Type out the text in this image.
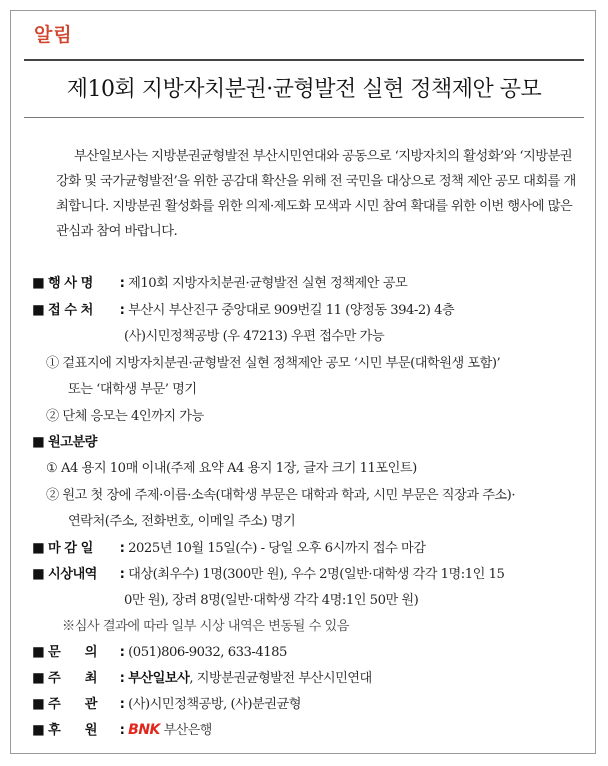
알림
제10회 지방자치분권·균형발전 실현 정책제안 공모
부산일보사는 지방분권균형발전 부산시민연대와 공동으로 ‘지방자치의 활성화’와 ‘지방분권 강화 및 국가균형발전’을 위한 공감대 확산을 위해 전 국민을 대상으로 정책 제안 공모 대회를 개최합니다. 지방분권 활성화를 위한 의제·제도화 모색과 시민 참여 확대를 위한 이번 행사에 많은 관심과 참여 바랍니다.
■ 행 사 명 : 제10회 지방자치분권·균형발전 실현 정책제안 공모
■ 접 수 처 : 부산시 부산진구 중앙대로 909번길 11 (양정동 394-2) 4층
(사)시민정책공방 (우 47213) 우편 접수만 가능
① 겉표지에 지방자치분권·균형발전 실현 정책제안 공모 ‘시민 부문(대학원생 포함)’
또는 ‘대학생 부문’ 명기
② 단체 응모는 4인까지 가능
■ 원고분량
① A4 용지 10매 이내(주제 요약 A4 용지 1장, 글자 크기 11포인트)
② 원고 첫 장에 주제·이름·소속(대학생 부문은 대학과 학과, 시민 부문은 직장과 주소)·
연락처(주소, 전화번호, 이메일 주소) 명기
■ 마 감 일 : 2025년 10월 15일(수) - 당일 오후 6시까지 접수 마감
■ 시상내역 : 대상(최우수) 1명(300만 원), 우수 2명(일반·대학생 각각 1명:1인 15
0만 원), 장려 8명(일반·대학생 각각 4명:1인 50만 원)
※심사 결과에 따라 일부 시상 내역은 변동될 수 있음
■ 문      의 : (051)806-9032, 633-4185
■ 주      최 : 부산일보사, 지방분권균형발전 부산시민연대
■ 주      관 : (사)시민정책공방, (사)분권균형
■ 후      원 : BNK 부산은행
